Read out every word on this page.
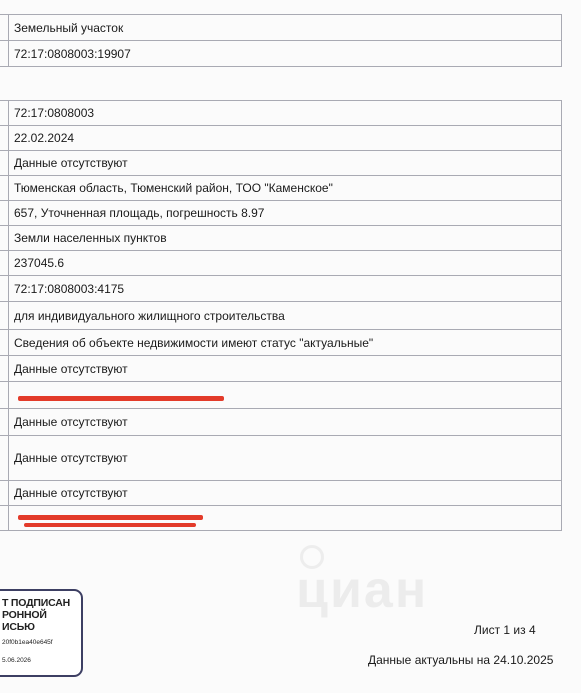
	Земельный участок
	72:17:0808003:19907
	72:17:0808003
	22.02.2024
	Данные отсутствуют
	Тюменская область, Тюменский район, ТОО "Каменское"
	657, Уточненная площадь, погрешность 8.97
	Земли населенных пунктов
	237045.6
	72:17:0808003:4175
	для индивидуального жилищного строительства
	Сведения об объекте недвижимости имеют статус "актуальные"
	Данные отсутствуют

	Данные отсутствуют
	Данные отсутствуют
	Данные отсутствуют

циан
Т ПОДПИСАН
РОННОЙ
ИСЬЮ
20f0b1ea40e645f
5.06.2026
Лист 1 из 4
Данные актуальны на 24.10.2025
